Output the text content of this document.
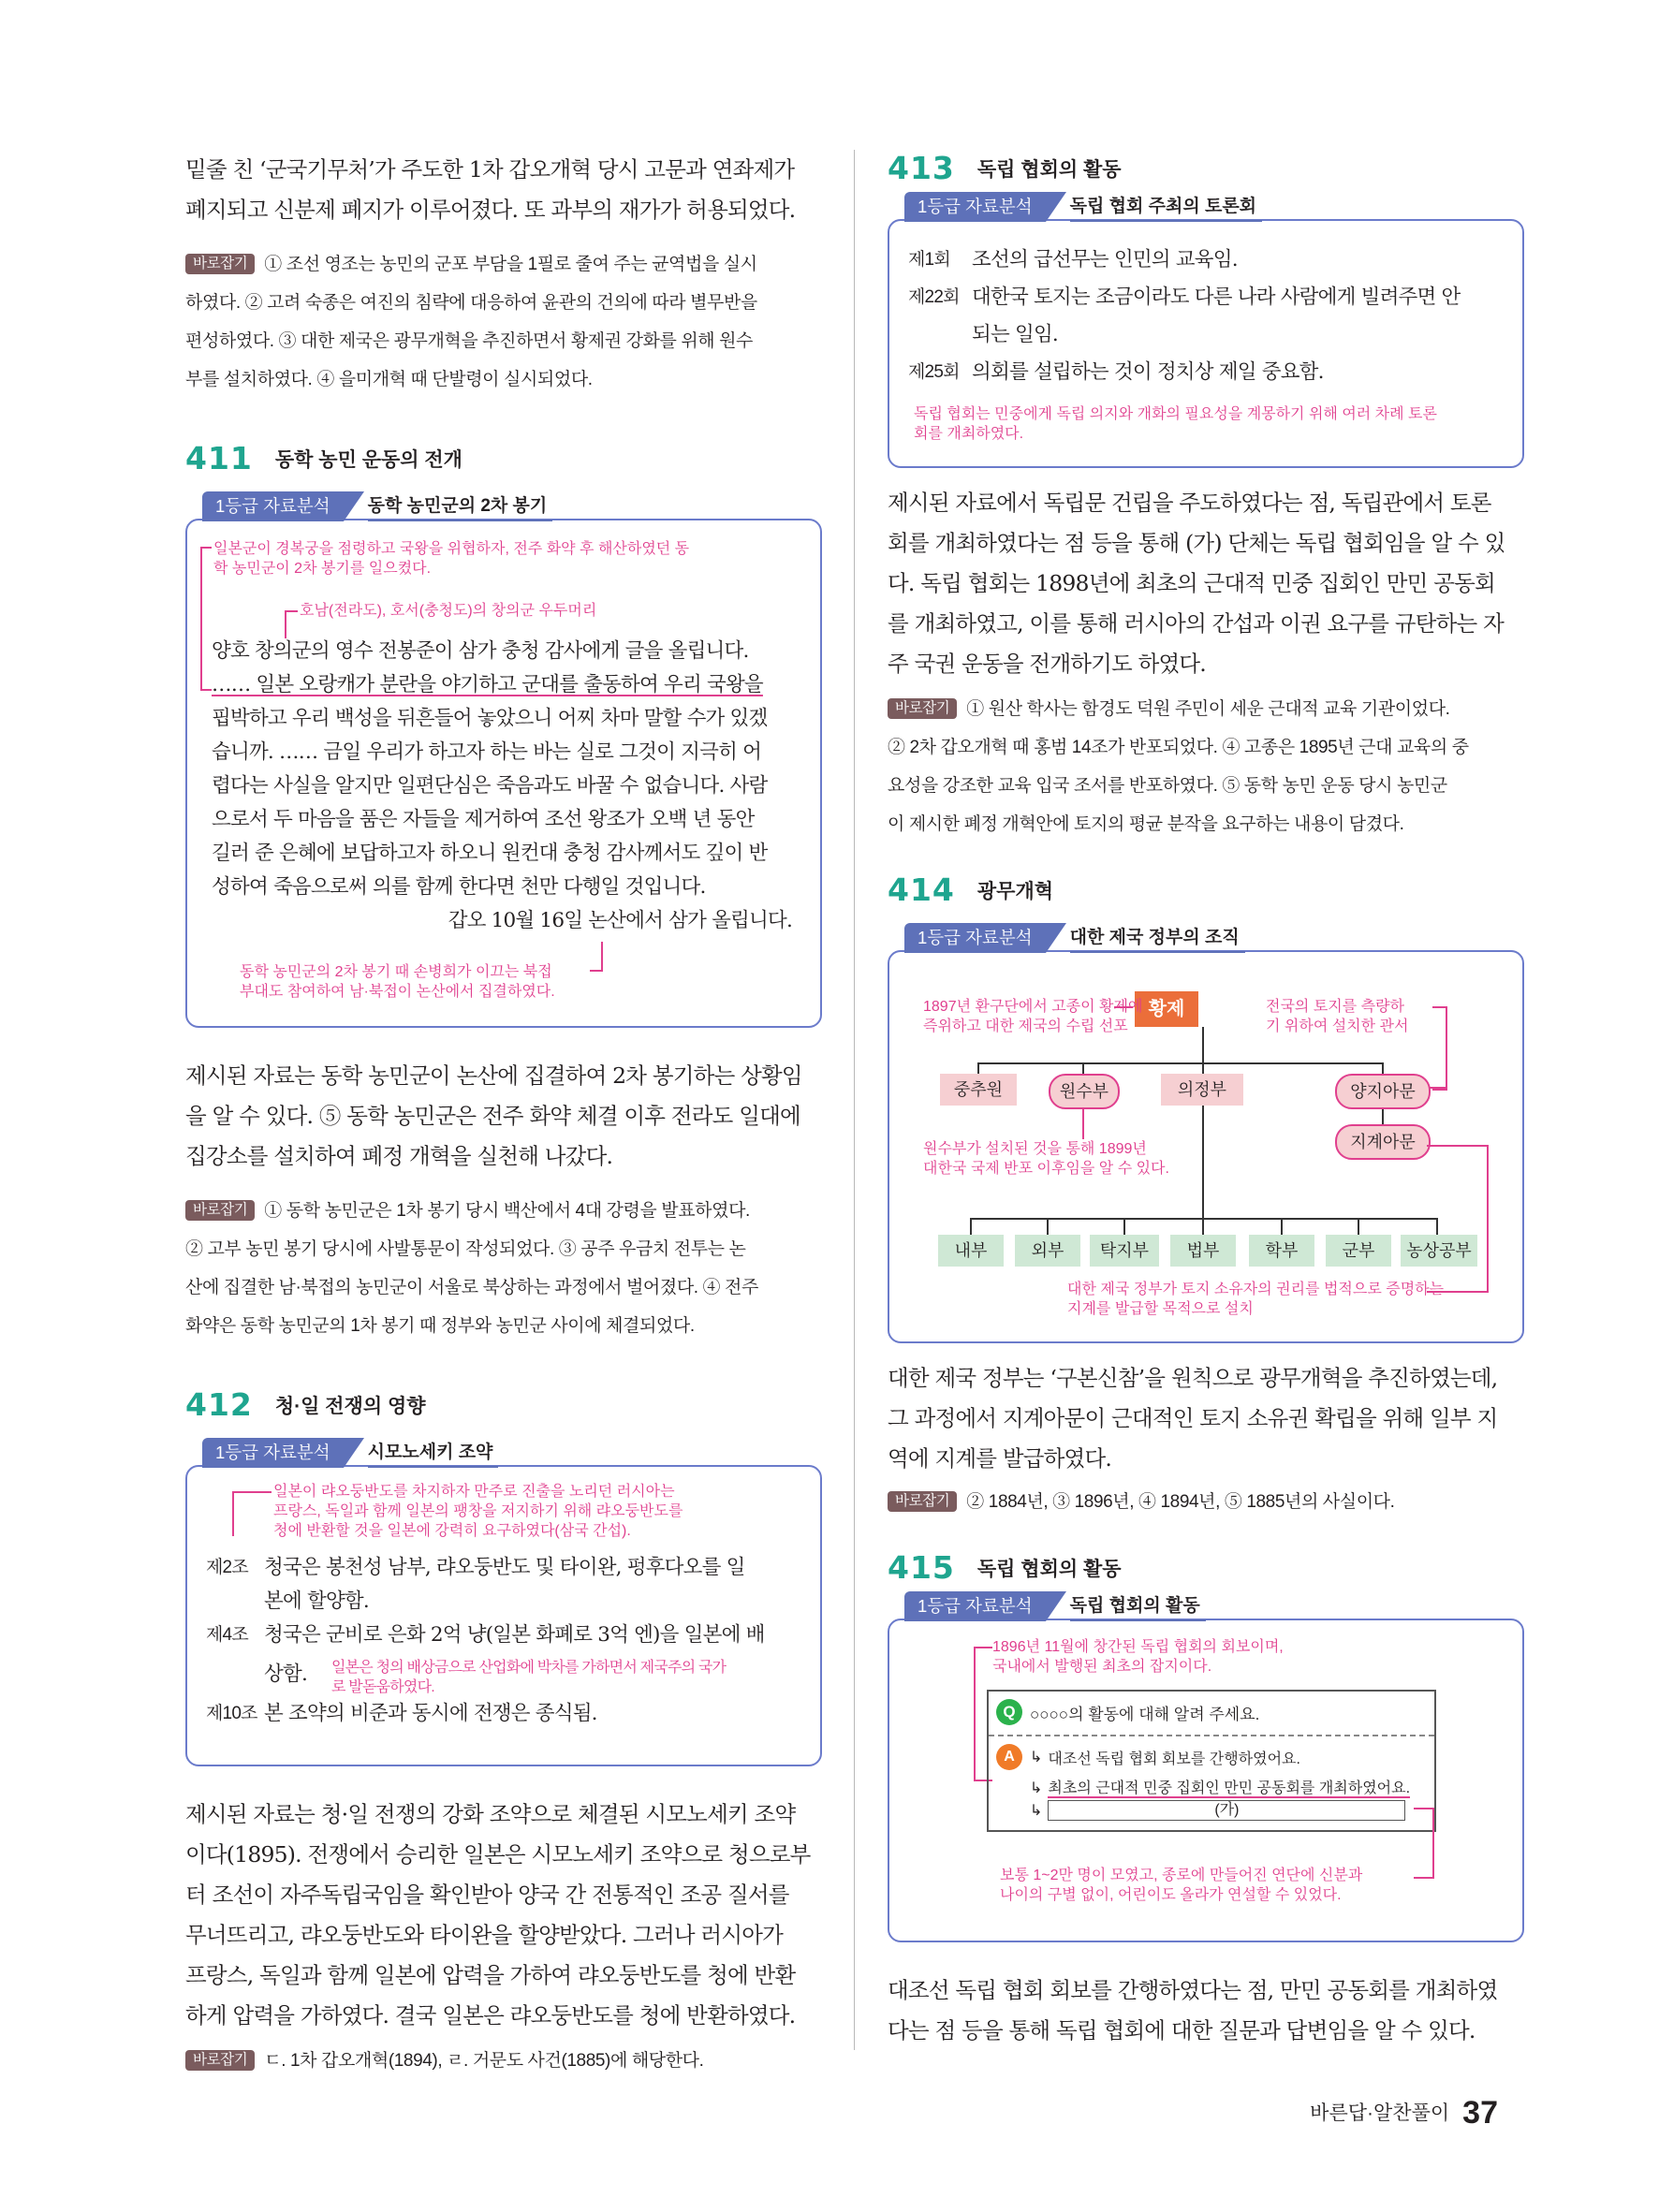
밑줄 친 ‘군국기무처’가 주도한 1차 갑오개혁 당시 고문과 연좌제가

폐지되고 신분제 폐지가 이루어졌다. 또 과부의 재가가 허용되었다.

바로잡기 ① 조선 영조는 농민의 군포 부담을 1필로 줄여 주는 균역법을 실시

하였다. ② 고려 숙종은 여진의 침략에 대응하여 윤관의 건의에 따라 별무반을

편성하였다. ③ 대한 제국은 광무개혁을 추진하면서 황제권 강화를 위해 원수

부를 설치하였다. ④ 을미개혁 때 단발령이 실시되었다.

411 동학 농민 운동의 전개
1등급 자료분석	동학 농민군의 2차 봉기
일본군이 경복궁을 점령하고 국왕을 위협하자, 전주 화약 후 해산하였던 동
학 농민군이 2차 봉기를 일으켰다.
호남(전라도), 호서(충청도)의 창의군 우두머리
양호 창의군의 영수 전봉준이 삼가 충청 감사에게 글을 올립니다.
…… 일본 오랑캐가 분란을 야기하고 군대를 출동하여 우리 국왕을
핍박하고 우리 백성을 뒤흔들어 놓았으니 어찌 차마 말할 수가 있겠
습니까. …… 금일 우리가 하고자 하는 바는 실로 그것이 지극히 어
렵다는 사실을 알지만 일편단심은 죽음과도 바꿀 수 없습니다. 사람
으로서 두 마음을 품은 자들을 제거하여 조선 왕조가 오백 년 동안
길러 준 은혜에 보답하고자 하오니 원컨대 충청 감사께서도 깊이 반
성하여 죽음으로써 의를 함께 한다면 천만 다행일 것입니다.
갑오 10월 16일 논산에서 삼가 올립니다.
동학 농민군의 2차 봉기 때 손병희가 이끄는 북접
부대도 참여하여 남·북접이 논산에서 집결하였다.

제시된 자료는 동학 농민군이 논산에 집결하여 2차 봉기하는 상황임

을 알 수 있다. ⑤ 동학 농민군은 전주 화약 체결 이후 전라도 일대에

집강소를 설치하여 폐정 개혁을 실천해 나갔다.

바로잡기 ① 동학 농민군은 1차 봉기 당시 백산에서 4대 강령을 발표하였다.

② 고부 농민 봉기 당시에 사발통문이 작성되었다. ③ 공주 우금치 전투는 논

산에 집결한 남·북접의 농민군이 서울로 북상하는 과정에서 벌어졌다. ④ 전주

화약은 동학 농민군의 1차 봉기 때 정부와 농민군 사이에 체결되었다.

412 청·일 전쟁의 영향
1등급 자료분석	시모노세키 조약
일본이 랴오둥반도를 차지하자 만주로 진출을 노리던 러시아는
프랑스, 독일과 함께 일본의 팽창을 저지하기 위해 랴오둥반도를
청에 반환할 것을 일본에 강력히 요구하였다(삼국 간섭).
제2조 청국은 봉천성 남부, 랴오둥반도 및 타이완, 펑후다오를 일
본에 할양함.
제4조 청국은 군비로 은화 2억 냥(일본 화폐로 3억 엔)을 일본에 배
상함. 일본은 청의 배상금으로 산업화에 박차를 가하면서 제국주의 국가
로 발돋움하였다.
제10조 본 조약의 비준과 동시에 전쟁은 종식됨.

제시된 자료는 청·일 전쟁의 강화 조약으로 체결된 시모노세키 조약

이다(1895). 전쟁에서 승리한 일본은 시모노세키 조약으로 청으로부

터 조선이 자주독립국임을 확인받아 양국 간 전통적인 조공 질서를

무너뜨리고, 랴오둥반도와 타이완을 할양받았다. 그러나 러시아가

프랑스, 독일과 함께 일본에 압력을 가하여 랴오둥반도를 청에 반환

하게 압력을 가하였다. 결국 일본은 랴오둥반도를 청에 반환하였다.

바로잡기 ㄷ. 1차 갑오개혁(1894), ㄹ. 거문도 사건(1885)에 해당한다.

413 독립 협회의 활동
1등급 자료분석	독립 협회 주최의 토론회
제1회	조선의 급선무는 인민의 교육임.
제22회 대한국 토지는 조금이라도 다른 나라 사람에게 빌려주면 안
되는 일임.
제25회 의회를 설립하는 것이 정치상 제일 중요함.
독립 협회는 민중에게 독립 의지와 개화의 필요성을 계몽하기 위해 여러 차례 토론
회를 개최하였다.

제시된 자료에서 독립문 건립을 주도하였다는 점, 독립관에서 토론

회를 개최하였다는 점 등을 통해 (가) 단체는 독립 협회임을 알 수 있

다. 독립 협회는 1898년에 최초의 근대적 민중 집회인 만민 공동회

를 개최하였고, 이를 통해 러시아의 간섭과 이권 요구를 규탄하는 자

주 국권 운동을 전개하기도 하였다.

바로잡기 ① 원산 학사는 함경도 덕원 주민이 세운 근대적 교육 기관이었다.

② 2차 갑오개혁 때 홍범 14조가 반포되었다. ④ 고종은 1895년 근대 교육의 중

요성을 강조한 교육 입국 조서를 반포하였다. ⑤ 동학 농민 운동 당시 농민군

이 제시한 폐정 개혁안에 토지의 평균 분작을 요구하는 내용이 담겼다.

414 광무개혁
1등급 자료분석	대한 제국 정부의 조직
황제
1897년 환구단에서 고종이 황제에
즉위하고 대한 제국의 수립 선포
전국의 토지를 측량하
기 위하여 설치한 관서
중추원	원수부	의정부	양지아문
지계아문
원수부가 설치된 것을 통해 1899년
대한국 국제 반포 이후임을 알 수 있다.
내부	외부	탁지부	법부	학부	군부	농상공부
대한 제국 정부가 토지 소유자의 권리를 법적으로 증명하는
지계를 발급할 목적으로 설치

대한 제국 정부는 ‘구본신참’을 원칙으로 광무개혁을 추진하였는데,

그 과정에서 지계아문이 근대적인 토지 소유권 확립을 위해 일부 지

역에 지계를 발급하였다.

바로잡기 ② 1884년, ③ 1896년, ④ 1894년, ⑤ 1885년의 사실이다.

415 독립 협회의 활동
1등급 자료분석	독립 협회의 활동
1896년 11월에 창간된 독립 협회의 회보이며,
국내에서 발행된 최초의 잡지이다.
Q ○○○○의 활동에 대해 알려 주세요.
A	↳ 대조선 독립 협회 회보를 간행하였어요.
↳ 최초의 근대적 민중 집회인 만민 공동회를 개최하였어요.
↳	(가)
보통 1~2만 명이 모였고, 종로에 만들어진 연단에 신분과
나이의 구별 없이, 어린이도 올라가 연설할 수 있었다.

대조선 독립 협회 회보를 간행하였다는 점, 만민 공동회를 개최하였

다는 점 등을 통해 독립 협회에 대한 질문과 답변임을 알 수 있다.

바른답·알찬풀이 37
